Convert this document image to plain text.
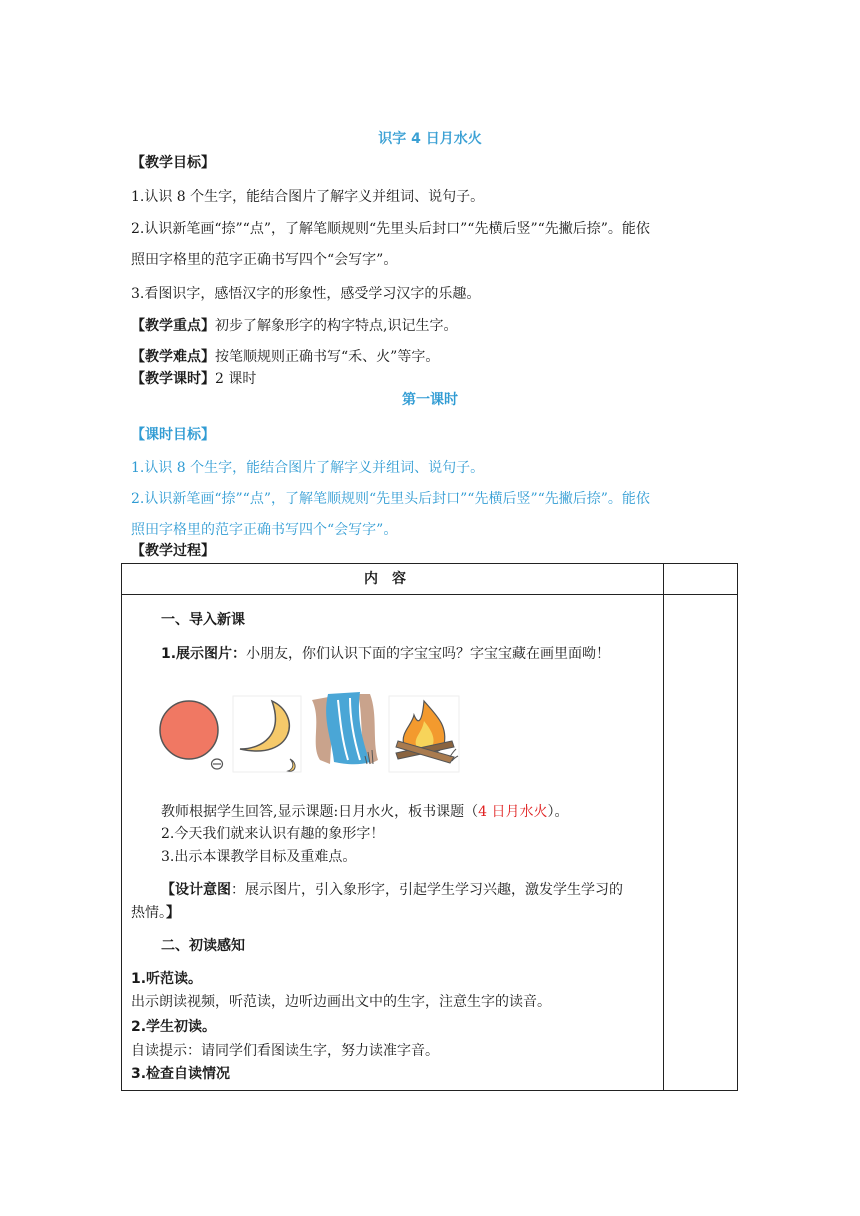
识字 4 日月水火
【教学目标】
1.认识 8 个生字，能结合图片了解字义并组词、说句子。
2.认识新笔画“捺”“点”，了解笔顺规则“先里头后封口”“先横后竖”“先撇后捺”。能依
照田字格里的范字正确书写四个“会写字”。
3.看图识字，感悟汉字的形象性，感受学习汉字的乐趣。
【教学重点】初步了解象形字的构字特点,识记生字。
【教学难点】按笔顺规则正确书写“禾、火”等字。
【教学课时】2 课时
第一课时
【课时目标】
1.认识 8 个生字，能结合图片了解字义并组词、说句子。
2.认识新笔画“捺”“点”，了解笔顺规则“先里头后封口”“先横后竖”“先撇后捺”。能依
照田字格里的范字正确书写四个“会写字”。
【教学过程】
内容
一、导入新课
1.展示图片：小朋友，你们认识下面的字宝宝吗？字宝宝藏在画里面呦！
教师根据学生回答,显示课题:日月水火，板书课题（4 日月水火）。
2.今天我们就来认识有趣的象形字！
3.出示本课教学目标及重难点。
【设计意图：展示图片，引入象形字，引起学生学习兴趣，激发学生学习的
热情。】
二、初读感知
1.听范读。
出示朗读视频，听范读，边听边画出文中的生字，注意生字的读音。
2.学生初读。
自读提示：请同学们看图读生字，努力读准字音。
3.检查自读情况
